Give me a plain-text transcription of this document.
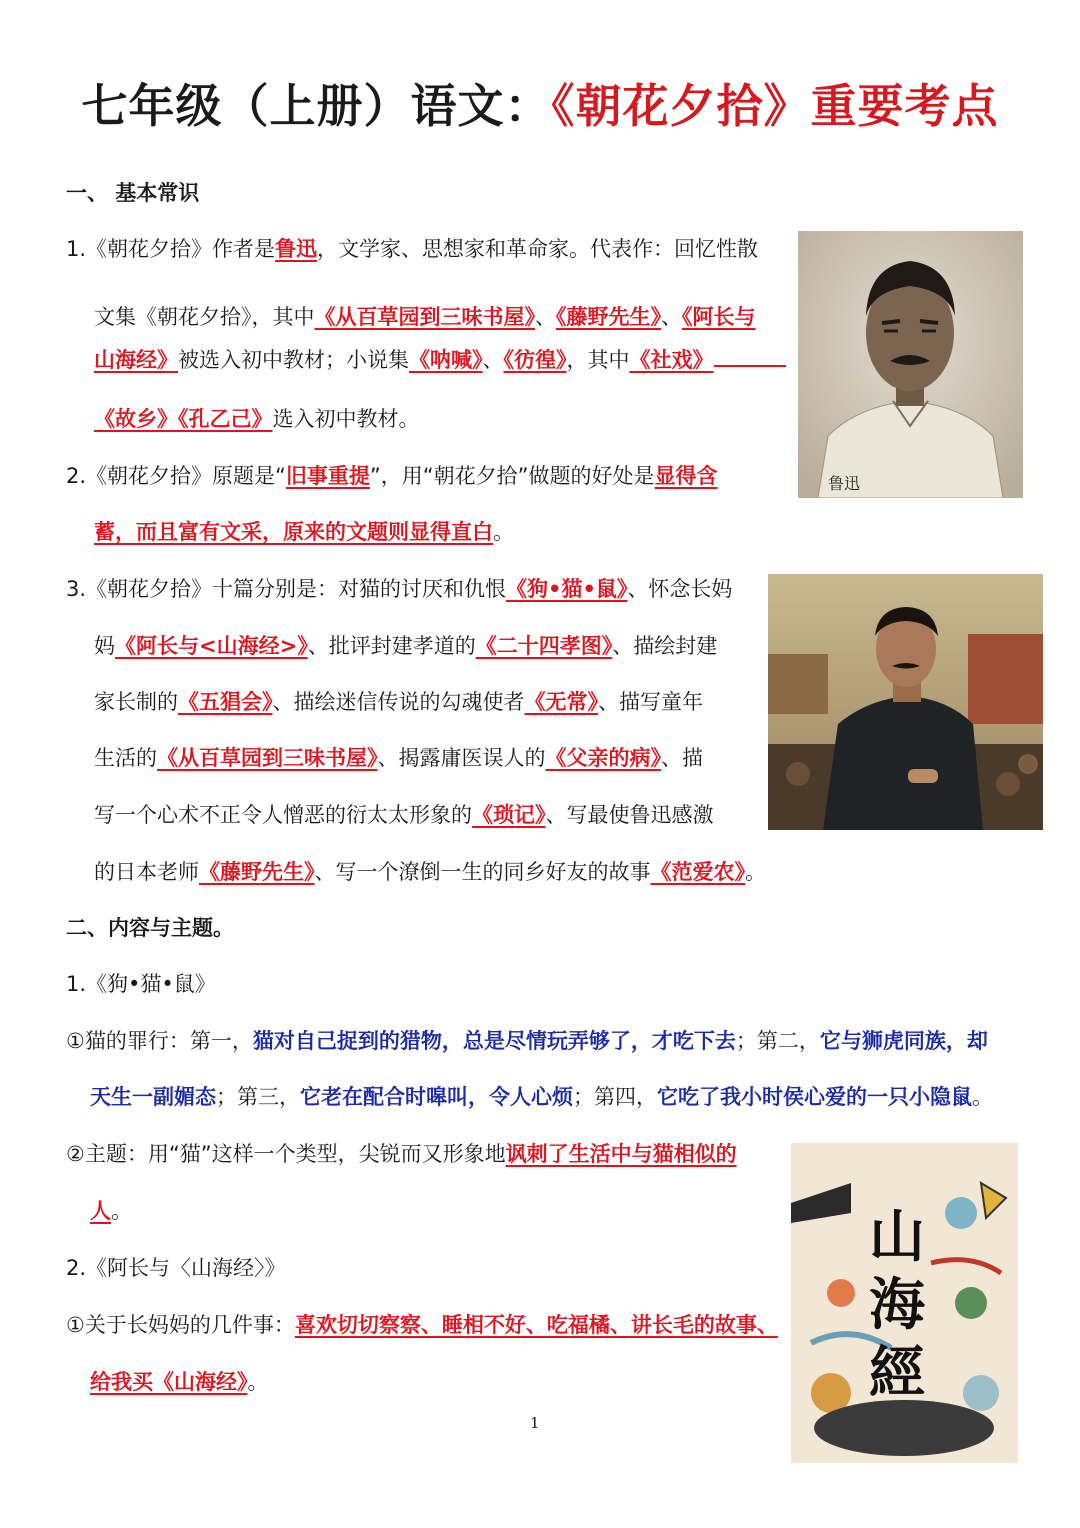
七年级（上册）语文：《朝花夕拾》重要考点
一、 基本常识
1.《朝花夕拾》作者是鲁迅，文学家、思想家和革命家。代表作：回忆性散
文集《朝花夕拾》，其中《从百草园到三味书屋》、《藤野先生》、《阿长与
山海经》被选入初中教材；小说集《呐喊》、《彷徨》，其中《社戏》
《故乡》《孔乙己》选入初中教材。
2.《朝花夕拾》原题是“旧事重提”，用“朝花夕拾”做题的好处是显得含
蓄，而且富有文采，原来的文题则显得直白。
3.《朝花夕拾》十篇分别是：对猫的讨厌和仇恨《狗•猫•鼠》、怀念长妈
妈《阿长与<山海经>》、批评封建孝道的《二十四孝图》、描绘封建
家长制的《五猖会》、描绘迷信传说的勾魂使者《无常》、描写童年
生活的《从百草园到三味书屋》、揭露庸医误人的《父亲的病》、描
写一个心术不正令人憎恶的衍太太形象的《琐记》、写最使鲁迅感激
的日本老师《藤野先生》、写一个潦倒一生的同乡好友的故事《范爱农》。
二、内容与主题。
1.《狗•猫•鼠》
①猫的罪行：第一，猫对自己捉到的猎物，总是尽情玩弄够了，才吃下去；第二，它与狮虎同族，却
天生一副媚态；第三，它老在配合时嗥叫，令人心烦；第四，它吃了我小时侯心爱的一只小隐鼠。
②主题：用“猫”这样一个类型，尖锐而又形象地讽刺了生活中与猫相似的
人。
2.《阿长与〈山海经〉》
①关于长妈妈的几件事：喜欢切切察察、睡相不好、吃福橘、讲长毛的故事、
给我买《山海经》。
鲁迅
山
海
經
1
